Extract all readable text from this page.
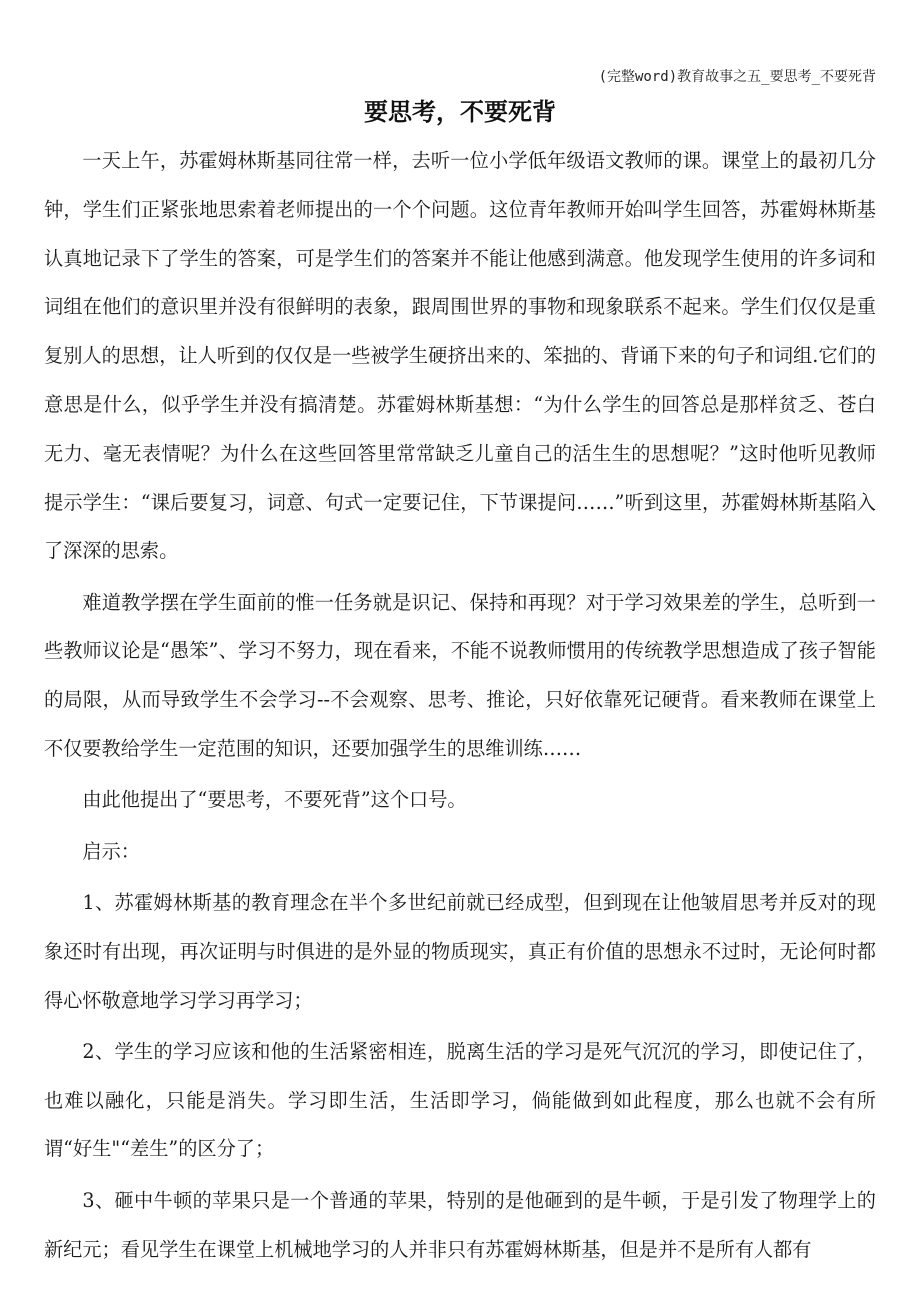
(完整word)教育故事之五_要思考_不要死背
要思考，不要死背

一天上午，苏霍姆林斯基同往常一样，去听一位小学低年级语文教师的课。课堂上的最初几分钟，学生们正紧张地思索着老师提出的一个个问题。这位青年教师开始叫学生回答，苏霍姆林斯基认真地记录下了学生的答案，可是学生们的答案并不能让他感到满意。他发现学生使用的许多词和词组在他们的意识里并没有很鲜明的表象，跟周围世界的事物和现象联系不起来。学生们仅仅是重复别人的思想，让人听到的仅仅是一些被学生硬挤出来的、笨拙的、背诵下来的句子和词组.它们的意思是什么，似乎学生并没有搞清楚。苏霍姆林斯基想：“为什么学生的回答总是那样贫乏、苍白无力、毫无表情呢？为什么在这些回答里常常缺乏儿童自己的活生生的思想呢？”这时他听见教师提示学生：“课后要复习，词意、句式一定要记住，下节课提问……”听到这里，苏霍姆林斯基陷入了深深的思索。

难道教学摆在学生面前的惟一任务就是识记、保持和再现？对于学习效果差的学生，总听到一些教师议论是“愚笨”、学习不努力，现在看来，不能不说教师惯用的传统教学思想造成了孩子智能的局限，从而导致学生不会学习--不会观察、思考、推论，只好依靠死记硬背。看来教师在课堂上不仅要教给学生一定范围的知识，还要加强学生的思维训练……

由此他提出了“要思考，不要死背”这个口号。

启示：

1、苏霍姆林斯基的教育理念在半个多世纪前就已经成型，但到现在让他皱眉思考并反对的现象还时有出现，再次证明与时俱进的是外显的物质现实，真正有价值的思想永不过时，无论何时都得心怀敬意地学习学习再学习；

2、学生的学习应该和他的生活紧密相连，脱离生活的学习是死气沉沉的学习，即使记住了，也难以融化，只能是消失。学习即生活，生活即学习，倘能做到如此程度，那么也就不会有所谓“好生"“差生”的区分了；

3、砸中牛顿的苹果只是一个普通的苹果，特别的是他砸到的是牛顿，于是引发了物理学上的新纪元；看见学生在课堂上机械地学习的人并非只有苏霍姆林斯基，但是并不是所有人都有
